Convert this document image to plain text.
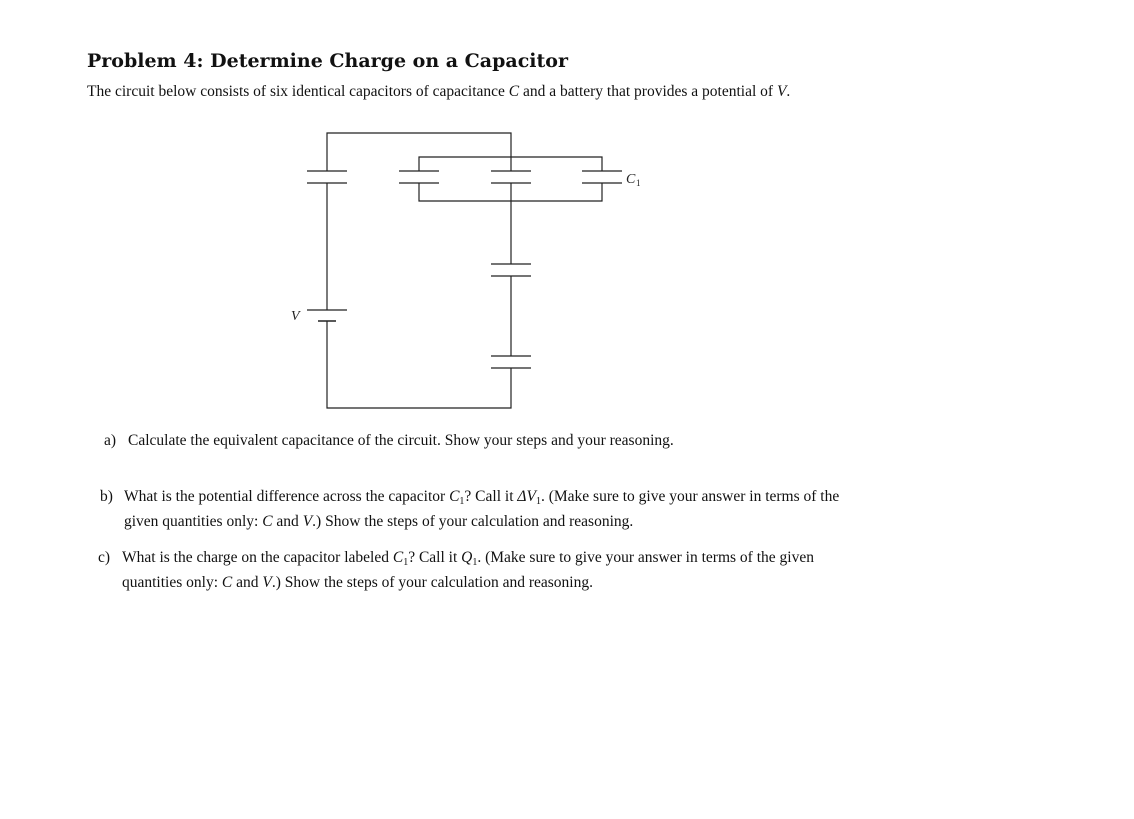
Problem 4: Determine Charge on a Capacitor
The circuit below consists of six identical capacitors of capacitance C and a battery that provides a potential of V.
V
C 1
a) Calculate the equivalent capacitance of the circuit. Show your steps and your reasoning.
b) What is the potential difference across the capacitor $C_1$? Call it $\Delta V_1$. (Make sure to give your answer in terms of the given quantities only: C and V.) Show the steps of your calculation and reasoning.
c) What is the charge on the capacitor labeled $C_1$? Call it $Q_1$. (Make sure to give your answer in terms of the given quantities only: C and V.) Show the steps of your calculation and reasoning.
